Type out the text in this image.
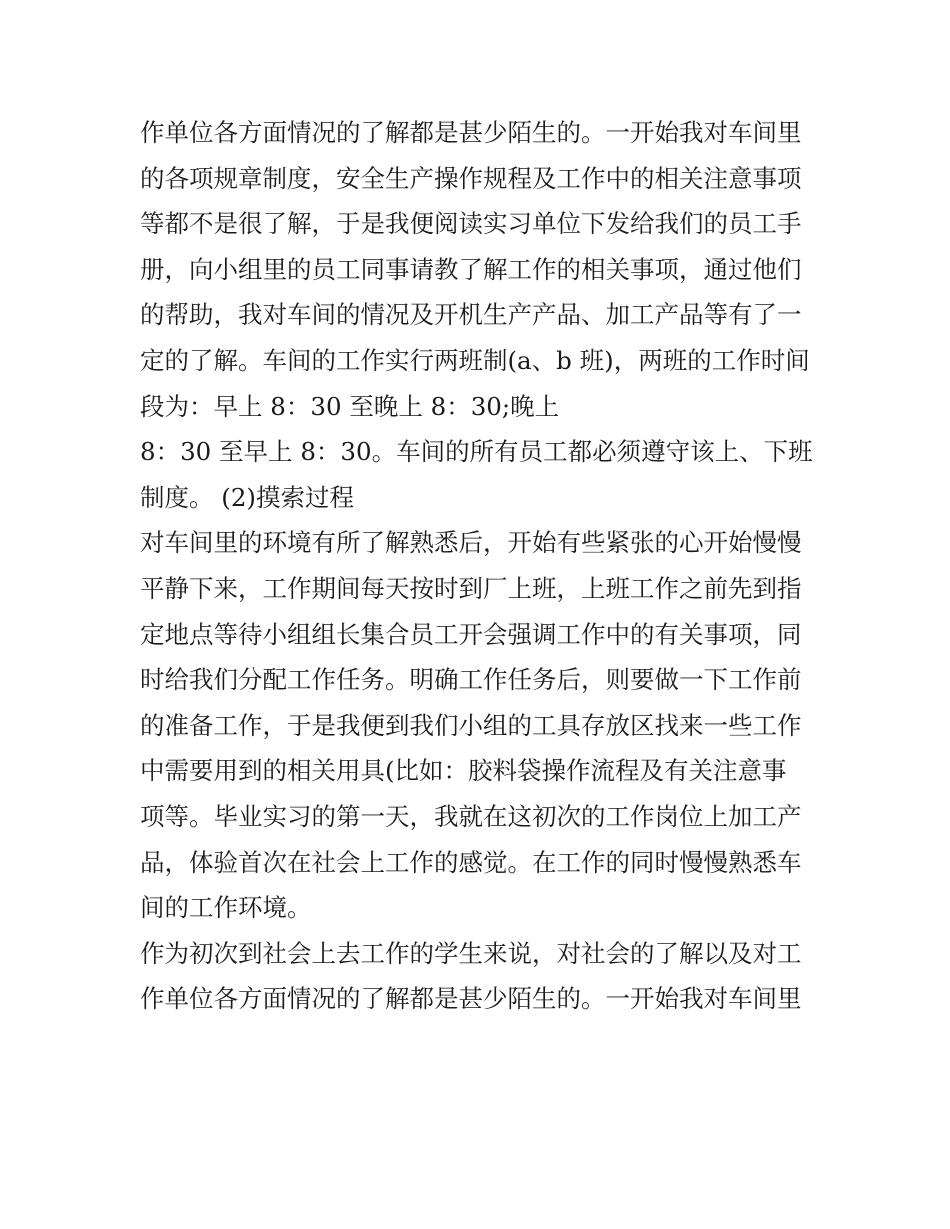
作单位各方面情况的了解都是甚少陌生的。一开始我对车间里
的各项规章制度，安全生产操作规程及工作中的相关注意事项
等都不是很了解，于是我便阅读实习单位下发给我们的员工手
册，向小组里的员工同事请教了解工作的相关事项，通过他们
的帮助，我对车间的情况及开机生产产品、加工产品等有了一
定的了解。车间的工作实行两班制(a、b 班)，两班的工作时间
段为：早上 8：30 至晚上 8：30;晚上
8：30 至早上 8：30。车间的所有员工都必须遵守该上、下班
制度。 (2)摸索过程
对车间里的环境有所了解熟悉后，开始有些紧张的心开始慢慢
平静下来，工作期间每天按时到厂上班，上班工作之前先到指
定地点等待小组组长集合员工开会强调工作中的有关事项，同
时给我们分配工作任务。明确工作任务后，则要做一下工作前
的准备工作，于是我便到我们小组的工具存放区找来一些工作
中需要用到的相关用具(比如：胶料袋操作流程及有关注意事
项等。毕业实习的第一天，我就在这初次的工作岗位上加工产
品，体验首次在社会上工作的感觉。在工作的同时慢慢熟悉车
间的工作环境。
作为初次到社会上去工作的学生来说，对社会的了解以及对工
作单位各方面情况的了解都是甚少陌生的。一开始我对车间里
